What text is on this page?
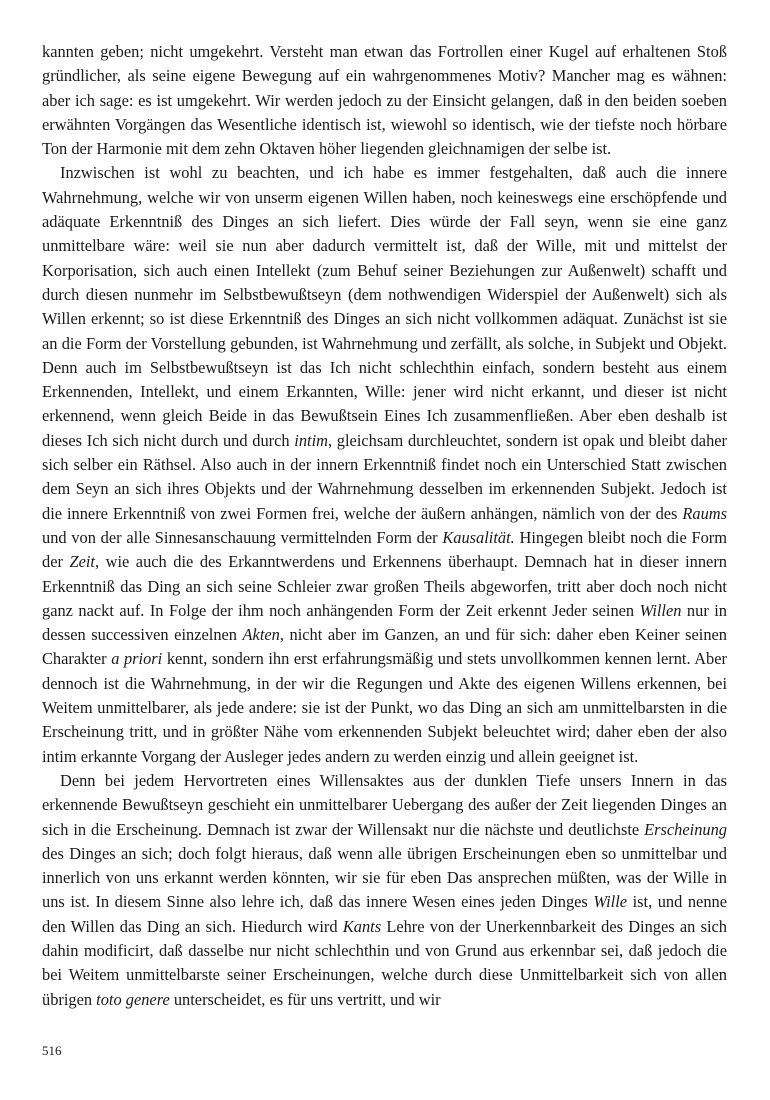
kannten geben; nicht umgekehrt. Versteht man etwan das Fortrollen einer Kugel auf erhaltenen Stoß gründlicher, als seine eigene Bewegung auf ein wahrgenommenes Motiv? Mancher mag es wähnen: aber ich sage: es ist umgekehrt. Wir werden jedoch zu der Einsicht gelangen, daß in den beiden soeben erwähnten Vorgängen das Wesentliche identisch ist, wiewohl so identisch, wie der tiefste noch hörbare Ton der Harmonie mit dem zehn Oktaven höher liegenden gleichnamigen der selbe ist.

Inzwischen ist wohl zu beachten, und ich habe es immer festgehalten, daß auch die innere Wahrnehmung, welche wir von unserm eigenen Willen haben, noch keineswegs eine erschöpfende und adäquate Erkenntniß des Dinges an sich liefert. Dies würde der Fall seyn, wenn sie eine ganz unmittelbare wäre: weil sie nun aber dadurch vermittelt ist, daß der Wille, mit und mittelst der Korporisation, sich auch einen Intellekt (zum Behuf seiner Beziehungen zur Außenwelt) schafft und durch diesen nunmehr im Selbstbewußtseyn (dem nothwendigen Widerspiel der Außenwelt) sich als Willen erkennt; so ist diese Erkenntniß des Dinges an sich nicht vollkommen adäquat. Zunächst ist sie an die Form der Vorstellung gebunden, ist Wahrnehmung und zerfällt, als solche, in Subjekt und Objekt. Denn auch im Selbstbewußtseyn ist das Ich nicht schlechthin einfach, sondern besteht aus einem Erkennenden, Intellekt, und einem Erkannten, Wille: jener wird nicht erkannt, und dieser ist nicht erkennend, wenn gleich Beide in das Bewußtsein Eines Ich zusammenfließen. Aber eben deshalb ist dieses Ich sich nicht durch und durch intim, gleichsam durchleuchtet, sondern ist opak und bleibt daher sich selber ein Räthsel. Also auch in der innern Erkenntniß findet noch ein Unterschied Statt zwischen dem Seyn an sich ihres Objekts und der Wahrnehmung desselben im erkennenden Subjekt. Jedoch ist die innere Erkenntniß von zwei Formen frei, welche der äußern anhängen, nämlich von der des Raums und von der alle Sinnesanschauung vermittelnden Form der Kausalität. Hingegen bleibt noch die Form der Zeit, wie auch die des Erkanntwerdens und Erkennens überhaupt. Demnach hat in dieser innern Erkenntniß das Ding an sich seine Schleier zwar großen Theils abgeworfen, tritt aber doch noch nicht ganz nackt auf. In Folge der ihm noch anhängenden Form der Zeit erkennt Jeder seinen Willen nur in dessen successiven einzelnen Akten, nicht aber im Ganzen, an und für sich: daher eben Keiner seinen Charakter a priori kennt, sondern ihn erst erfahrungsmäßig und stets unvollkommen kennen lernt. Aber dennoch ist die Wahrnehmung, in der wir die Regungen und Akte des eigenen Willens erkennen, bei Weitem unmittelbarer, als jede andere: sie ist der Punkt, wo das Ding an sich am unmittelbarsten in die Erscheinung tritt, und in größter Nähe vom erkennenden Subjekt beleuchtet wird; daher eben der also intim erkannte Vorgang der Ausleger jedes andern zu werden einzig und allein geeignet ist.

Denn bei jedem Hervortreten eines Willensaktes aus der dunklen Tiefe unsers Innern in das erkennende Bewußtseyn geschieht ein unmittelbarer Uebergang des außer der Zeit liegenden Dinges an sich in die Erscheinung. Demnach ist zwar der Willensakt nur die nächste und deutlichste Erscheinung des Dinges an sich; doch folgt hieraus, daß wenn alle übrigen Erscheinungen eben so unmittelbar und innerlich von uns erkannt werden könnten, wir sie für eben Das ansprechen müßten, was der Wille in uns ist. In diesem Sinne also lehre ich, daß das innere Wesen eines jeden Dinges Wille ist, und nenne den Willen das Ding an sich. Hiedurch wird Kants Lehre von der Unerkennbarkeit des Dinges an sich dahin modificirt, daß dasselbe nur nicht schlechthin und von Grund aus erkennbar sei, daß jedoch die bei Weitem unmittelbarste seiner Erscheinungen, welche durch diese Unmittelbarkeit sich von allen übrigen toto genere unterscheidet, es für uns vertritt, und wir

516
